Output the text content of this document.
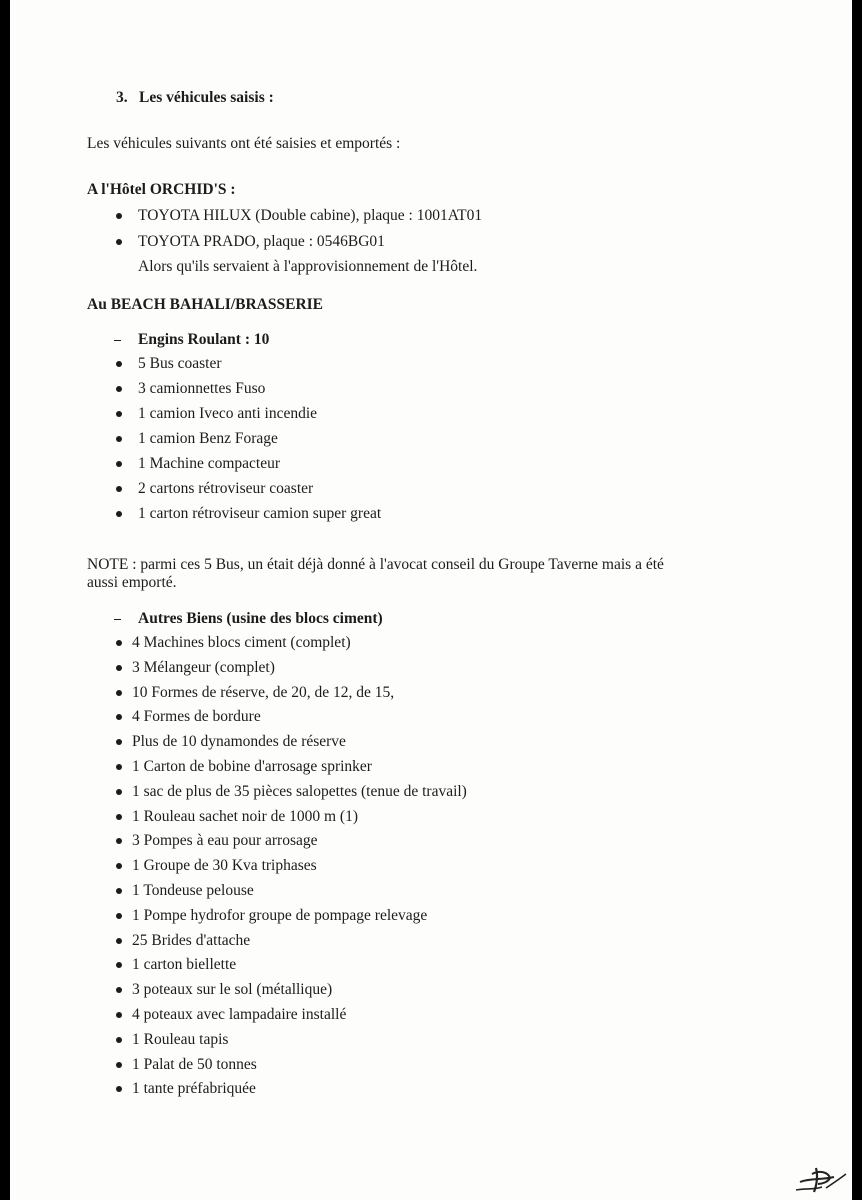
3. Les véhicules saisis :
Les véhicules suivants ont été saisies et emportés :
A l'Hôtel ORCHID'S :
TOYOTA HILUX (Double cabine), plaque : 1001AT01
TOYOTA PRADO, plaque : 0546BG01
Alors qu'ils servaient à l'approvisionnement de l'Hôtel.
Au BEACH BAHALI/BRASSERIE
Engins Roulant : 10
5 Bus coaster
3 camionnettes Fuso
1 camion Iveco anti incendie
1 camion Benz Forage
1 Machine compacteur
2 cartons rétroviseur coaster
1 carton rétroviseur camion super great
NOTE : parmi ces 5 Bus, un était déjà donné à l'avocat conseil du Groupe Taverne mais a été
aussi emporté.
Autres Biens (usine des blocs ciment)
4 Machines blocs ciment (complet)
3 Mélangeur (complet)
10 Formes de réserve, de 20, de 12, de 15,
4 Formes de bordure
Plus de 10 dynamondes de réserve
1 Carton de bobine d'arrosage sprinker
1 sac de plus de 35 pièces salopettes (tenue de travail)
1 Rouleau sachet noir de 1000 m (1)
3 Pompes à eau pour arrosage
1 Groupe de 30 Kva triphases
1 Tondeuse pelouse
1 Pompe hydrofor groupe de pompage relevage
25 Brides d'attache
1 carton biellette
3 poteaux sur le sol (métallique)
4 poteaux avec lampadaire installé
1 Rouleau tapis
1 Palat de 50 tonnes
1 tante préfabriquée
